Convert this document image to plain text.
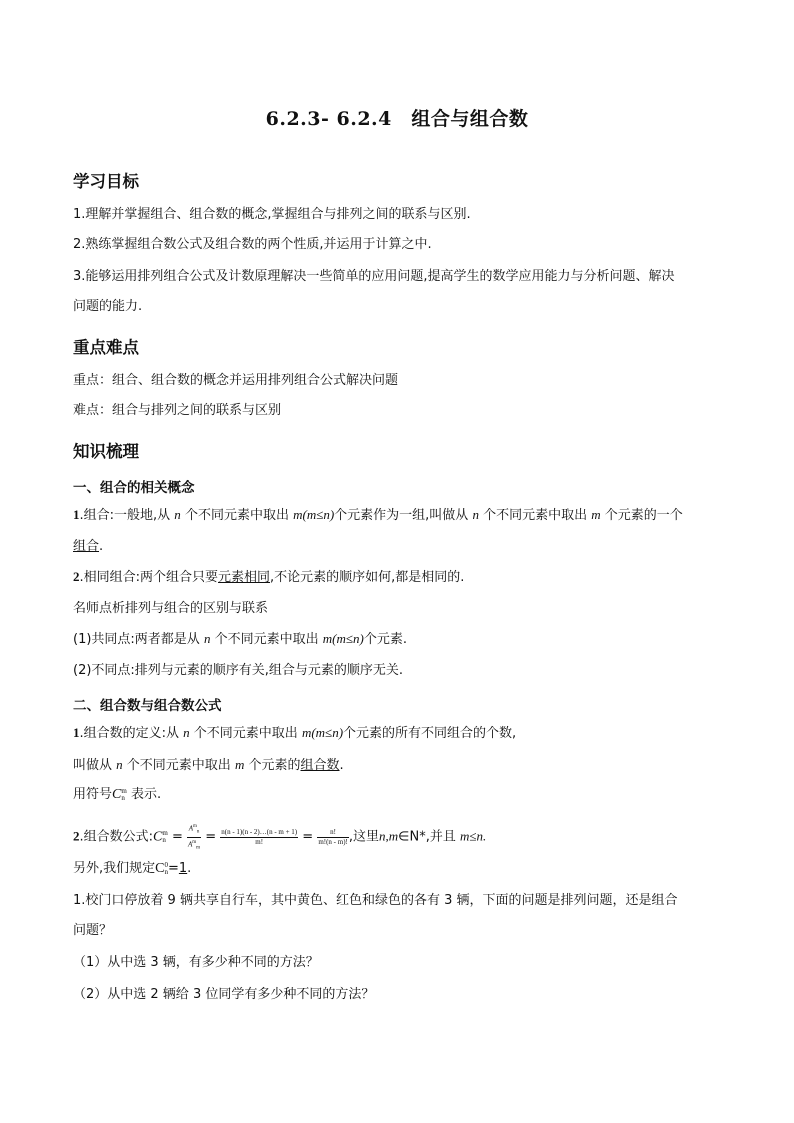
6.2.3- 6.2.4　组合与组合数
学习目标
1.理解并掌握组合、组合数的概念,掌握组合与排列之间的联系与区别.
2.熟练掌握组合数公式及组合数的两个性质,并运用于计算之中.
3.能够运用排列组合公式及计数原理解决一些简单的应用问题,提高学生的数学应用能力与分析问题、解决
问题的能力.
重点难点
重点：组合、组合数的概念并运用排列组合公式解决问题
难点：组合与排列之间的联系与区别
知识梳理
一、组合的相关概念
1.组合:一般地,从 n 个不同元素中取出 m(m≤n)个元素作为一组,叫做从 n 个不同元素中取出 m 个元素的一个
组合.
2.相同组合:两个组合只要元素相同,不论元素的顺序如何,都是相同的.
名师点析排列与组合的区别与联系
(1)共同点:两者都是从 n 个不同元素中取出 m(m≤n)个元素.
(2)不同点:排列与元素的顺序有关,组合与元素的顺序无关.
二、组合数与组合数公式
1.组合数的定义:从 n 个不同元素中取出 m(m≤n)个元素的所有不同组合的个数,
叫做从 n 个不同元素中取出 m 个元素的组合数.
用符号C m
n 表示.
2.组合数公式:C m
$n = \frac{A^m_n}{A^m_m} = \frac{n(n - 1)(n - 2)\dots(n - m + 1)}{m!} = \frac{n!}{m!(n - m)!}$ ,这里n,m∈N*,并且 m≤n.
另外,我们规定C 0
n =1.
1.校门口停放着 9 辆共享自行车，其中黄色、红色和绿色的各有 3 辆，下面的问题是排列问题，还是组合
问题？
（1）从中选 3 辆，有多少种不同的方法？
（2）从中选 2 辆给 3 位同学有多少种不同的方法？
